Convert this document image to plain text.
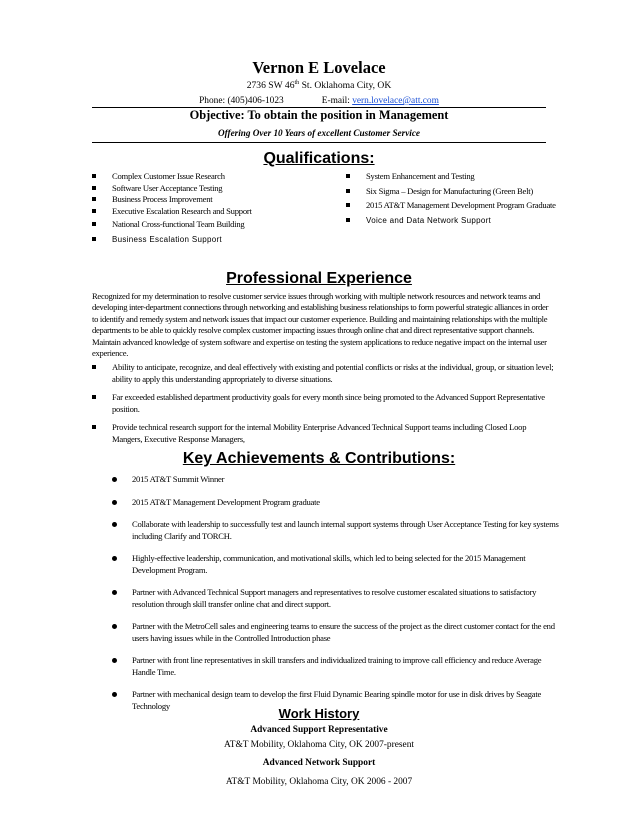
Vernon E Lovelace
2736 SW 46th St. Oklahoma City, OK
Phone: (405)406-1023	E-mail: vern.lovelace@att.com
Objective: To obtain the position in Management
Offering Over 10 Years of excellent Customer Service
Qualifications:
Complex Customer Issue Research
Software User Acceptance Testing
Business Process Improvement
Executive Escalation Research and Support
National Cross-functional Team Building
Business Escalation Support
System Enhancement and Testing
Six Sigma – Design for Manufacturing (Green Belt)
2015 AT&T Management Development Program Graduate
Voice and Data Network Support
Professional Experience

Recognized for my determination to resolve customer service issues through working with multiple network resources and network teams and developing inter-department connections through networking and establishing business relationships to form powerful strategic alliances in order to identify and remedy system and network issues that impact our customer experience. Building and maintaining relationships with the multiple departments to be able to quickly resolve complex customer impacting issues through online chat and direct representative support channels. Maintain advanced knowledge of system software and expertise on testing the system applications to reduce negative impact on the internal user experience.

Ability to anticipate, recognize, and deal effectively with existing and potential conflicts or risks at the individual, group, or situation level; ability to apply this understanding appropriately to diverse situations.
Far exceeded established department productivity goals for every month since being promoted to the Advanced Support Representative position.
Provide technical research support for the internal Mobility Enterprise Advanced Technical Support teams including Closed Loop Mangers, Executive Response Managers,
Key Achievements & Contributions:
2015 AT&T Summit Winner
2015 AT&T Management Development Program graduate
Collaborate with leadership to successfully test and launch internal support systems through User Acceptance Testing for key systems including Clarify and TORCH.
Highly-effective leadership, communication, and motivational skills, which led to being selected for the 2015 Management Development Program.
Partner with Advanced Technical Support managers and representatives to resolve customer escalated situations to satisfactory resolution through skill transfer online chat and direct support.
Partner with the MetroCell sales and engineering teams to ensure the success of the project as the direct customer contact for the end users having issues while in the Controlled Introduction phase
Partner with front line representatives in skill transfers and individualized training to improve call efficiency and reduce Average Handle Time.
Partner with mechanical design team to develop the first Fluid Dynamic Bearing spindle motor for use in disk drives by Seagate Technology
Work History
Advanced Support Representative
AT&T Mobility, Oklahoma City, OK 2007-present
Advanced Network Support
AT&T Mobility, Oklahoma City, OK 2006 - 2007
